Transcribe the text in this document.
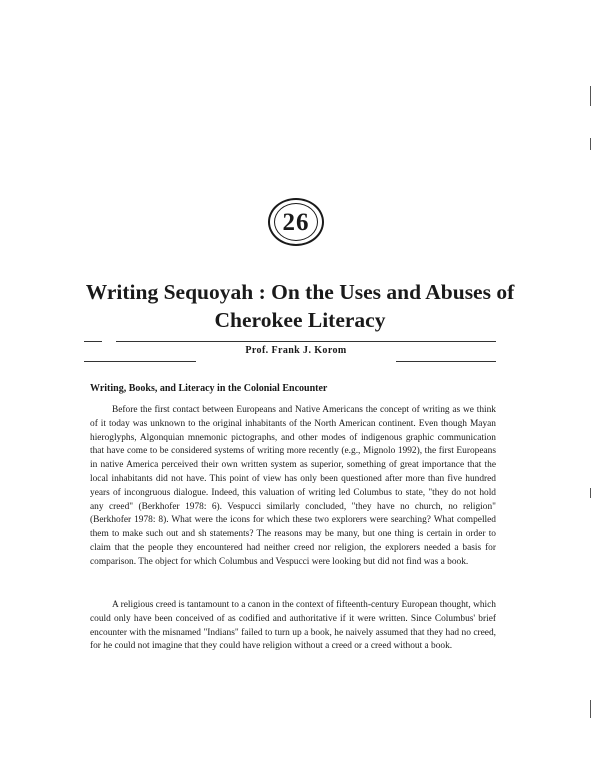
26
Writing Sequoyah : On the Uses and Abuses of Cherokee Literacy
Prof. Frank J. Korom
Writing, Books, and Literacy in the Colonial Encounter

Before the first contact between Europeans and Native Americans the concept of writing as we think of it today was unknown to the original inhabitants of the North American continent. Even though Mayan hieroglyphs, Algonquian mnemonic pictographs, and other modes of indigenous graphic communication that have come to be considered systems of writing more recently (e.g., Mignolo 1992), the first Europeans in native America perceived their own written system as superior, something of great importance that the local inhabitants did not have. This point of view has only been questioned after more than five hundred years of incongruous dialogue. Indeed, this valuation of writing led Columbus to state, "they do not hold any creed" (Berkhofer 1978: 6). Vespucci similarly concluded, "they have no church, no religion" (Berkhofer 1978: 8). What were the icons for which these two explorers were searching? What compelled them to make such out and sh statements? The reasons may be many, but one thing is certain in order to claim that the people they encountered had neither creed nor religion, the explorers needed a basis for comparison. The object for which Columbus and Vespucci were looking but did not find was a book.

A religious creed is tantamount to a canon in the context of fifteenth-century European thought, which could only have been conceived of as codified and authoritative if it were written. Since Columbus' brief encounter with the misnamed "Indians" failed to turn up a book, he naively assumed that they had no creed, for he could not imagine that they could have religion without a creed or a creed without a book.
